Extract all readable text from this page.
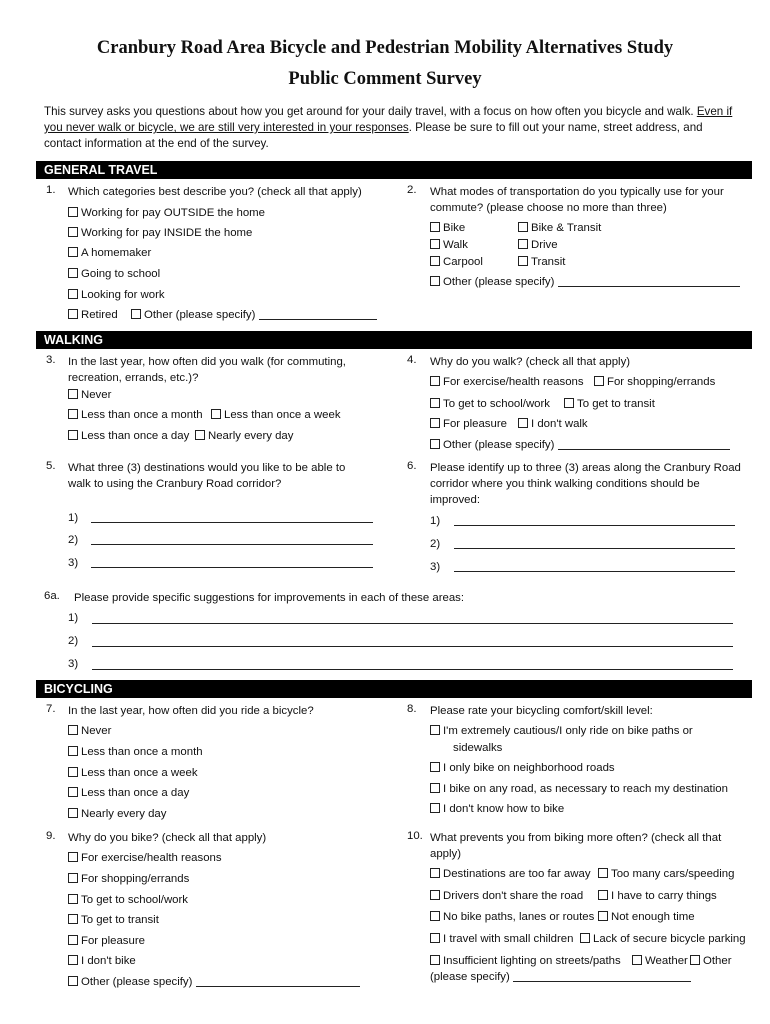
Cranbury Road Area Bicycle and Pedestrian Mobility Alternatives Study
Public Comment Survey
This survey asks you questions about how you get around for your daily travel, with a focus on how often you bicycle and walk. Even if you never walk or bicycle, we are still very interested in your responses. Please be sure to fill out your name, street address, and contact information at the end of the survey.
GENERAL TRAVEL
1. Which categories best describe you? (check all that apply)
Working for pay OUTSIDE the home
Working for pay INSIDE the home
A homemaker
Going to school
Looking for work
Retired	Other (please specify)
2. What modes of transportation do you typically use for your commute? (please choose no more than three)
Bike	Bike & Transit
Walk	Drive
Carpool	Transit
Other (please specify)
WALKING
3. In the last year, how often did you walk (for commuting, recreation, errands, etc.)?
Never
Less than once a month	Less than once a week
Less than once a day	Nearly every day
4. Why do you walk? (check all that apply)
For exercise/health reasons	For shopping/errands
To get to school/work	To get to transit
For pleasure	I don't walk
Other (please specify)
5. What three (3) destinations would you like to be able to walk to using the Cranbury Road corridor?
1)
2)
3)
6. Please identify up to three (3) areas along the Cranbury Road corridor where you think walking conditions should be improved:
1)
2)
3)
6a. Please provide specific suggestions for improvements in each of these areas:
1)
2)
3)
BICYCLING
7. In the last year, how often did you ride a bicycle?
Never
Less than once a month
Less than once a week
Less than once a day
Nearly every day
8. Please rate your bicycling comfort/skill level:
I'm extremely cautious/I only ride on bike paths or
sidewalks
I only bike on neighborhood roads
I bike on any road, as necessary to reach my destination
I don't know how to bike
9. Why do you bike? (check all that apply)
For exercise/health reasons
For shopping/errands
To get to school/work
To get to transit
For pleasure
I don't bike
Other (please specify)
10. What prevents you from biking more often? (check all that apply)
Destinations are too far away	Too many cars/speeding
Drivers don't share the road	I have to carry things
No bike paths, lanes or routes	Not enough time
I travel with small children	Lack of secure bicycle parking
Insufficient lighting on streets/paths	Weather	Other
(please specify)
